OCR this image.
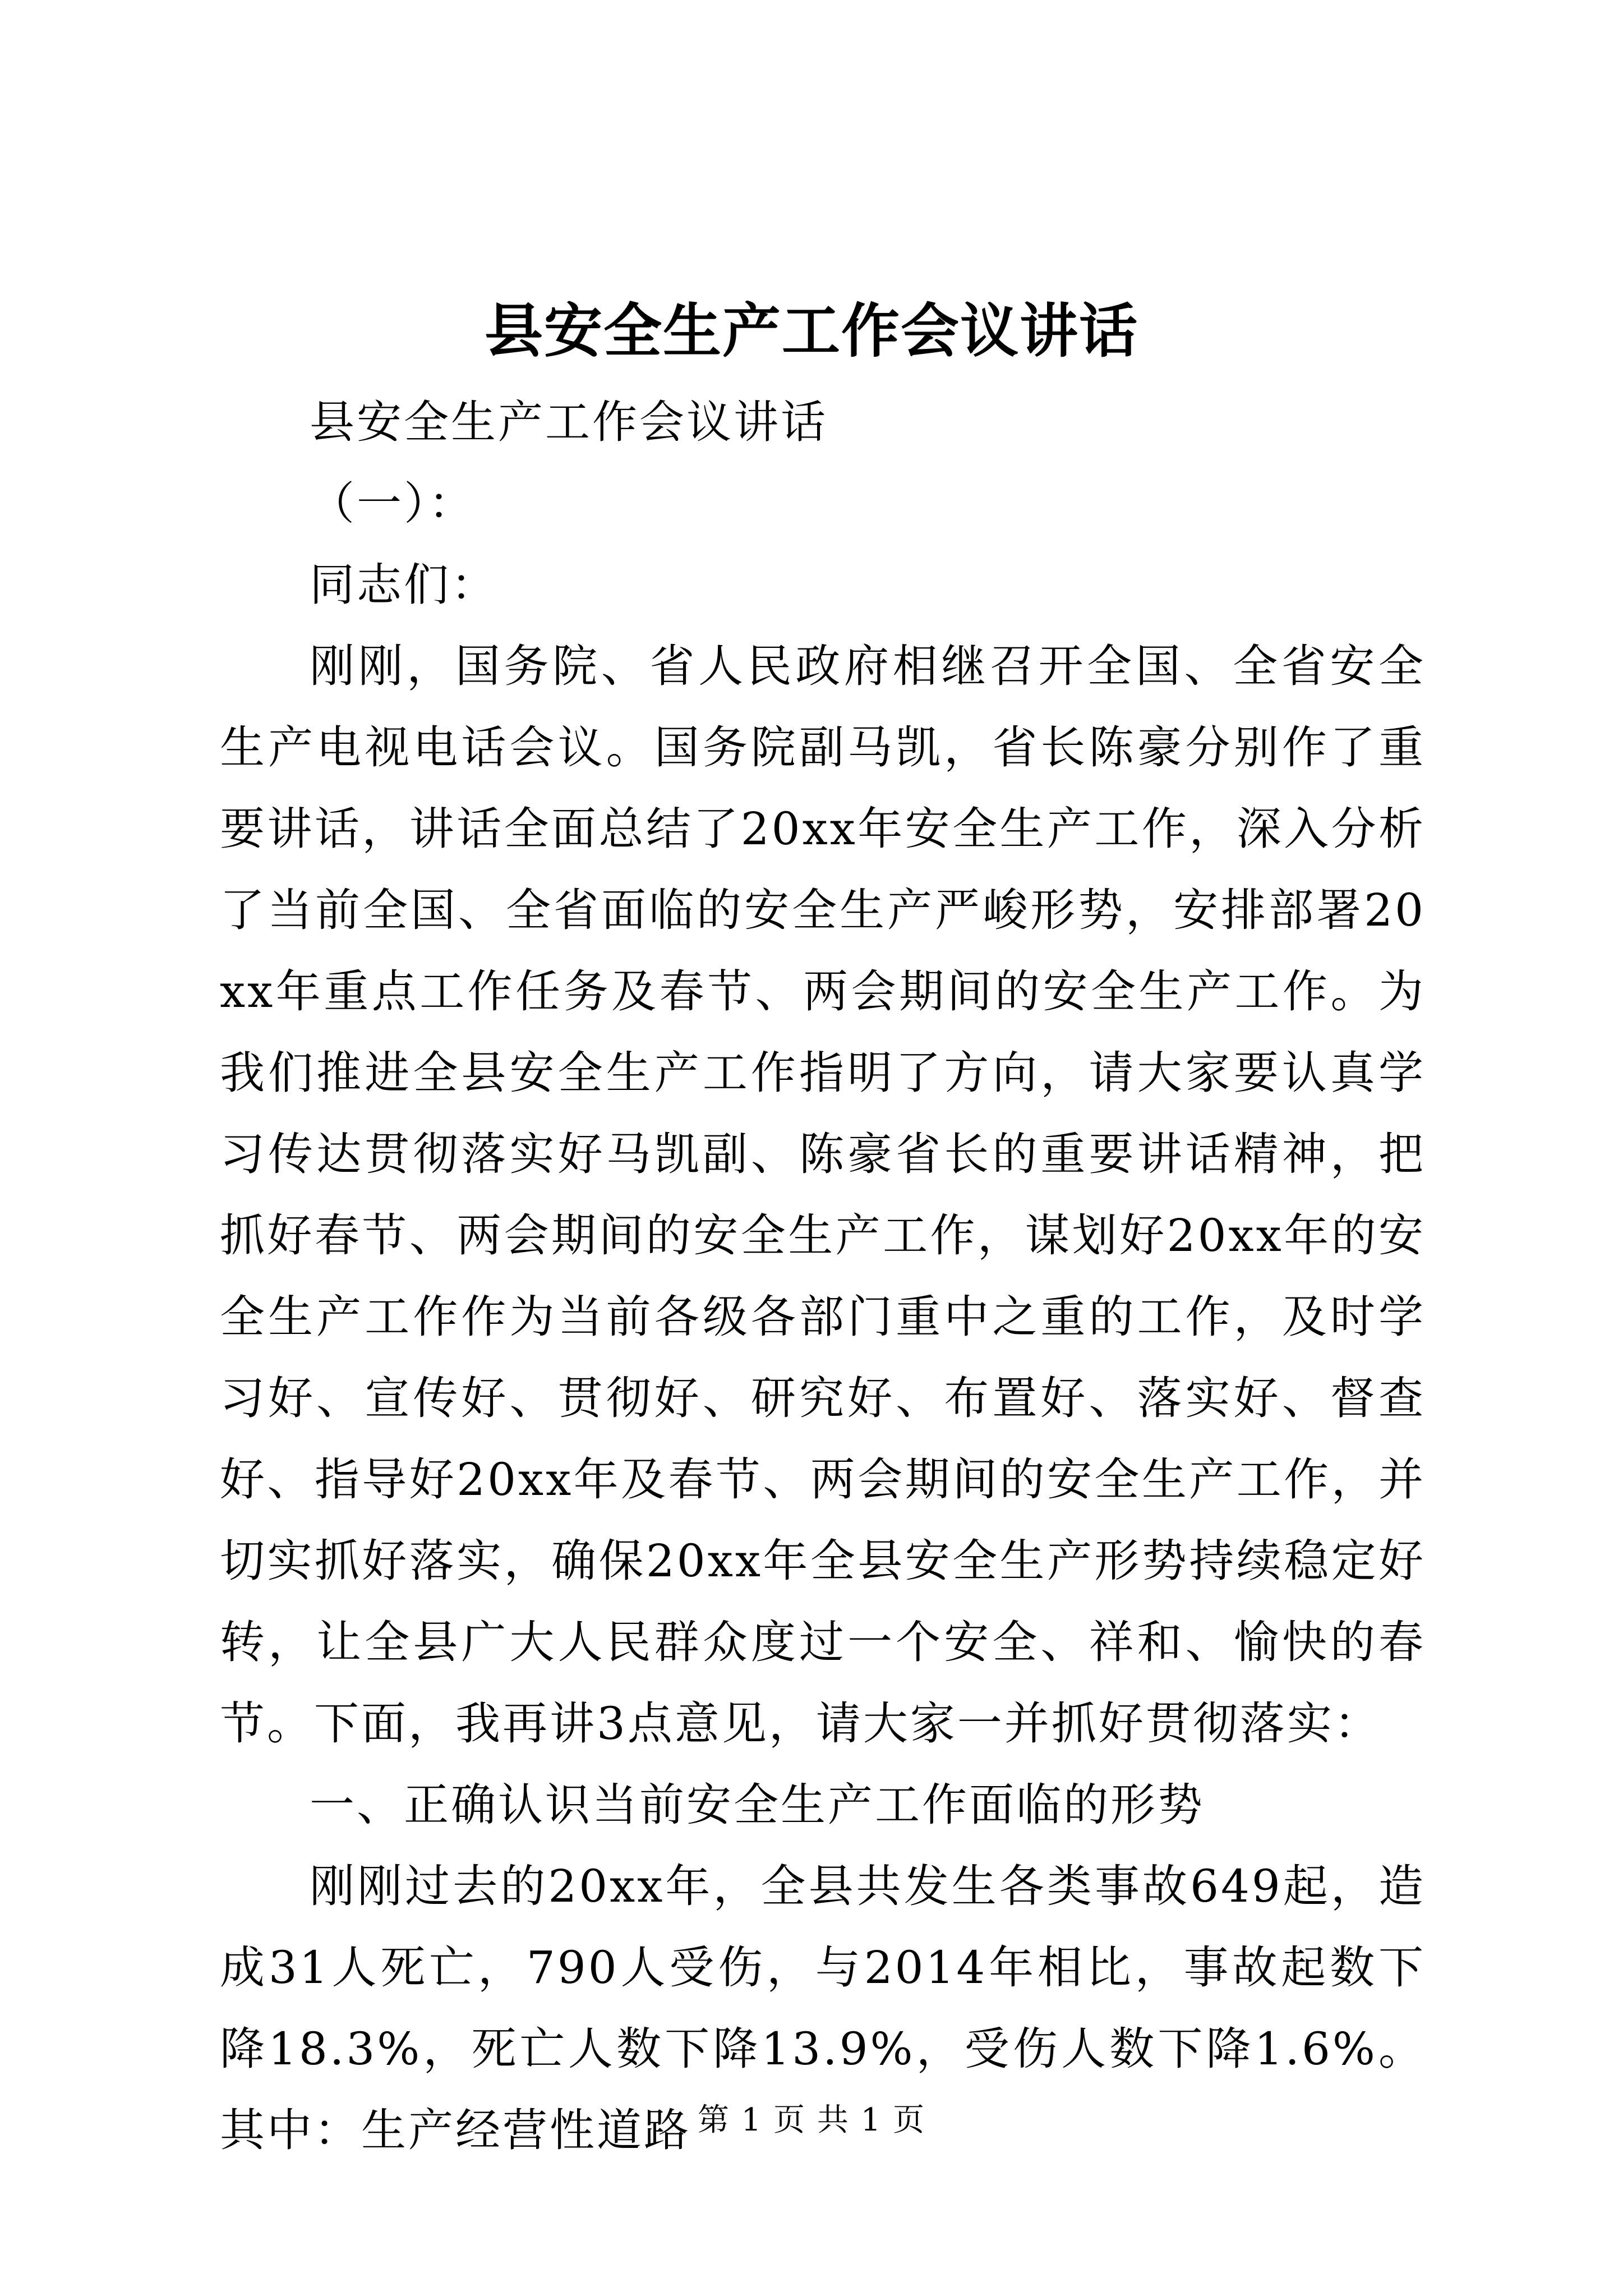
县安全生产工作会议讲话

县安全生产工作会议讲话

（一）：

同志们：

刚刚，国务院、省人民政府相继召开全国、全省安全生产电视电话会议。国务院副马凯，省长陈豪分别作了重要讲话，讲话全面总结了20xx年安全生产工作，深入分析了当前全国、全省面临的安全生产严峻形势，安排部署20xx年重点工作任务及春节、两会期间的安全生产工作。为我们推进全县安全生产工作指明了方向，请大家要认真学习传达贯彻落实好马凯副、陈豪省长的重要讲话精神，把抓好春节、两会期间的安全生产工作，谋划好20xx年的安全生产工作作为当前各级各部门重中之重的工作，及时学习好、宣传好、贯彻好、研究好、布置好、落实好、督查好、指导好20xx年及春节、两会期间的安全生产工作，并切实抓好落实，确保20xx年全县安全生产形势持续稳定好转，让全县广大人民群众度过一个安全、祥和、愉快的春节。下面，我再讲3点意见，请大家一并抓好贯彻落实：

一、正确认识当前安全生产工作面临的形势

刚刚过去的20xx年，全县共发生各类事故649起，造成31人死亡，790人受伤，与2014年相比，事故起数下降18.3%，死亡人数下降13.9%，受伤人数下降1.6%。其中：生产经营性道路 第 1 页 共 1 页
